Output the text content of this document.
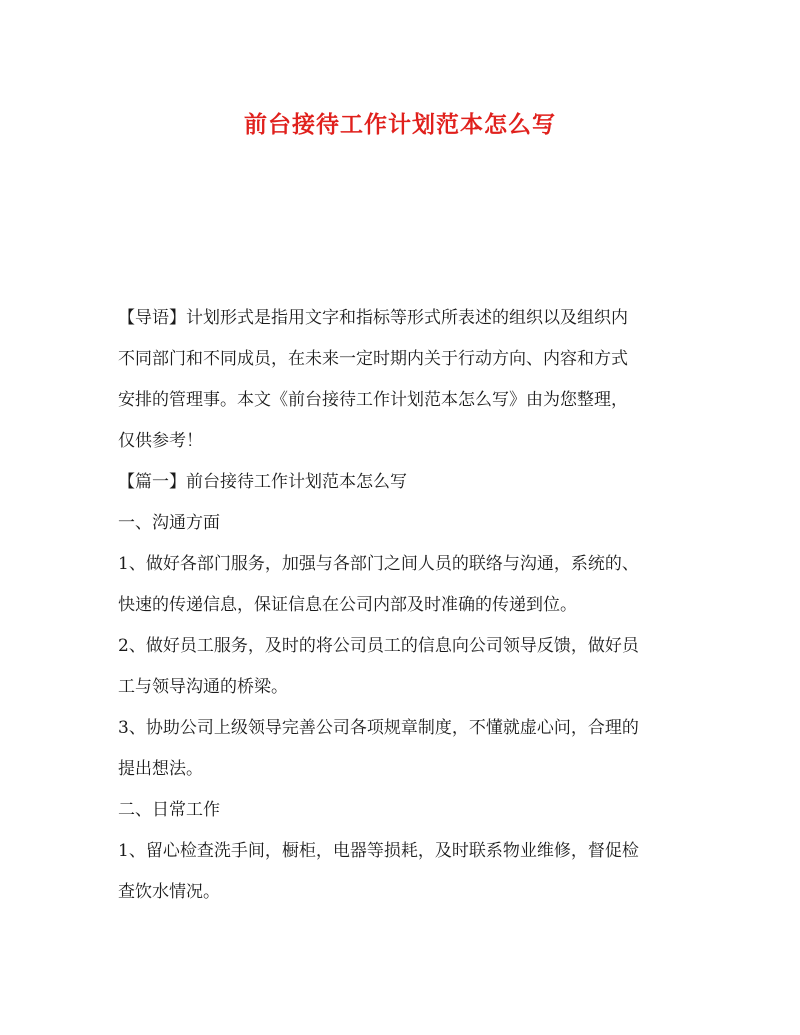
前台接待工作计划范本怎么写

【导语】计划形式是指用文字和指标等形式所表述的组织以及组织内

不同部门和不同成员，在未来一定时期内关于行动方向、内容和方式

安排的管理事。本文《前台接待工作计划范本怎么写》由为您整理，

仅供参考！

【篇一】前台接待工作计划范本怎么写

一、沟通方面

1、做好各部门服务，加强与各部门之间人员的联络与沟通，系统的、

快速的传递信息，保证信息在公司内部及时准确的传递到位。

2、做好员工服务，及时的将公司员工的信息向公司领导反馈，做好员

工与领导沟通的桥梁。

3、协助公司上级领导完善公司各项规章制度，不懂就虚心问，合理的

提出想法。

二、日常工作

1、留心检查洗手间，橱柜，电器等损耗，及时联系物业维修，督促检

查饮水情况。
